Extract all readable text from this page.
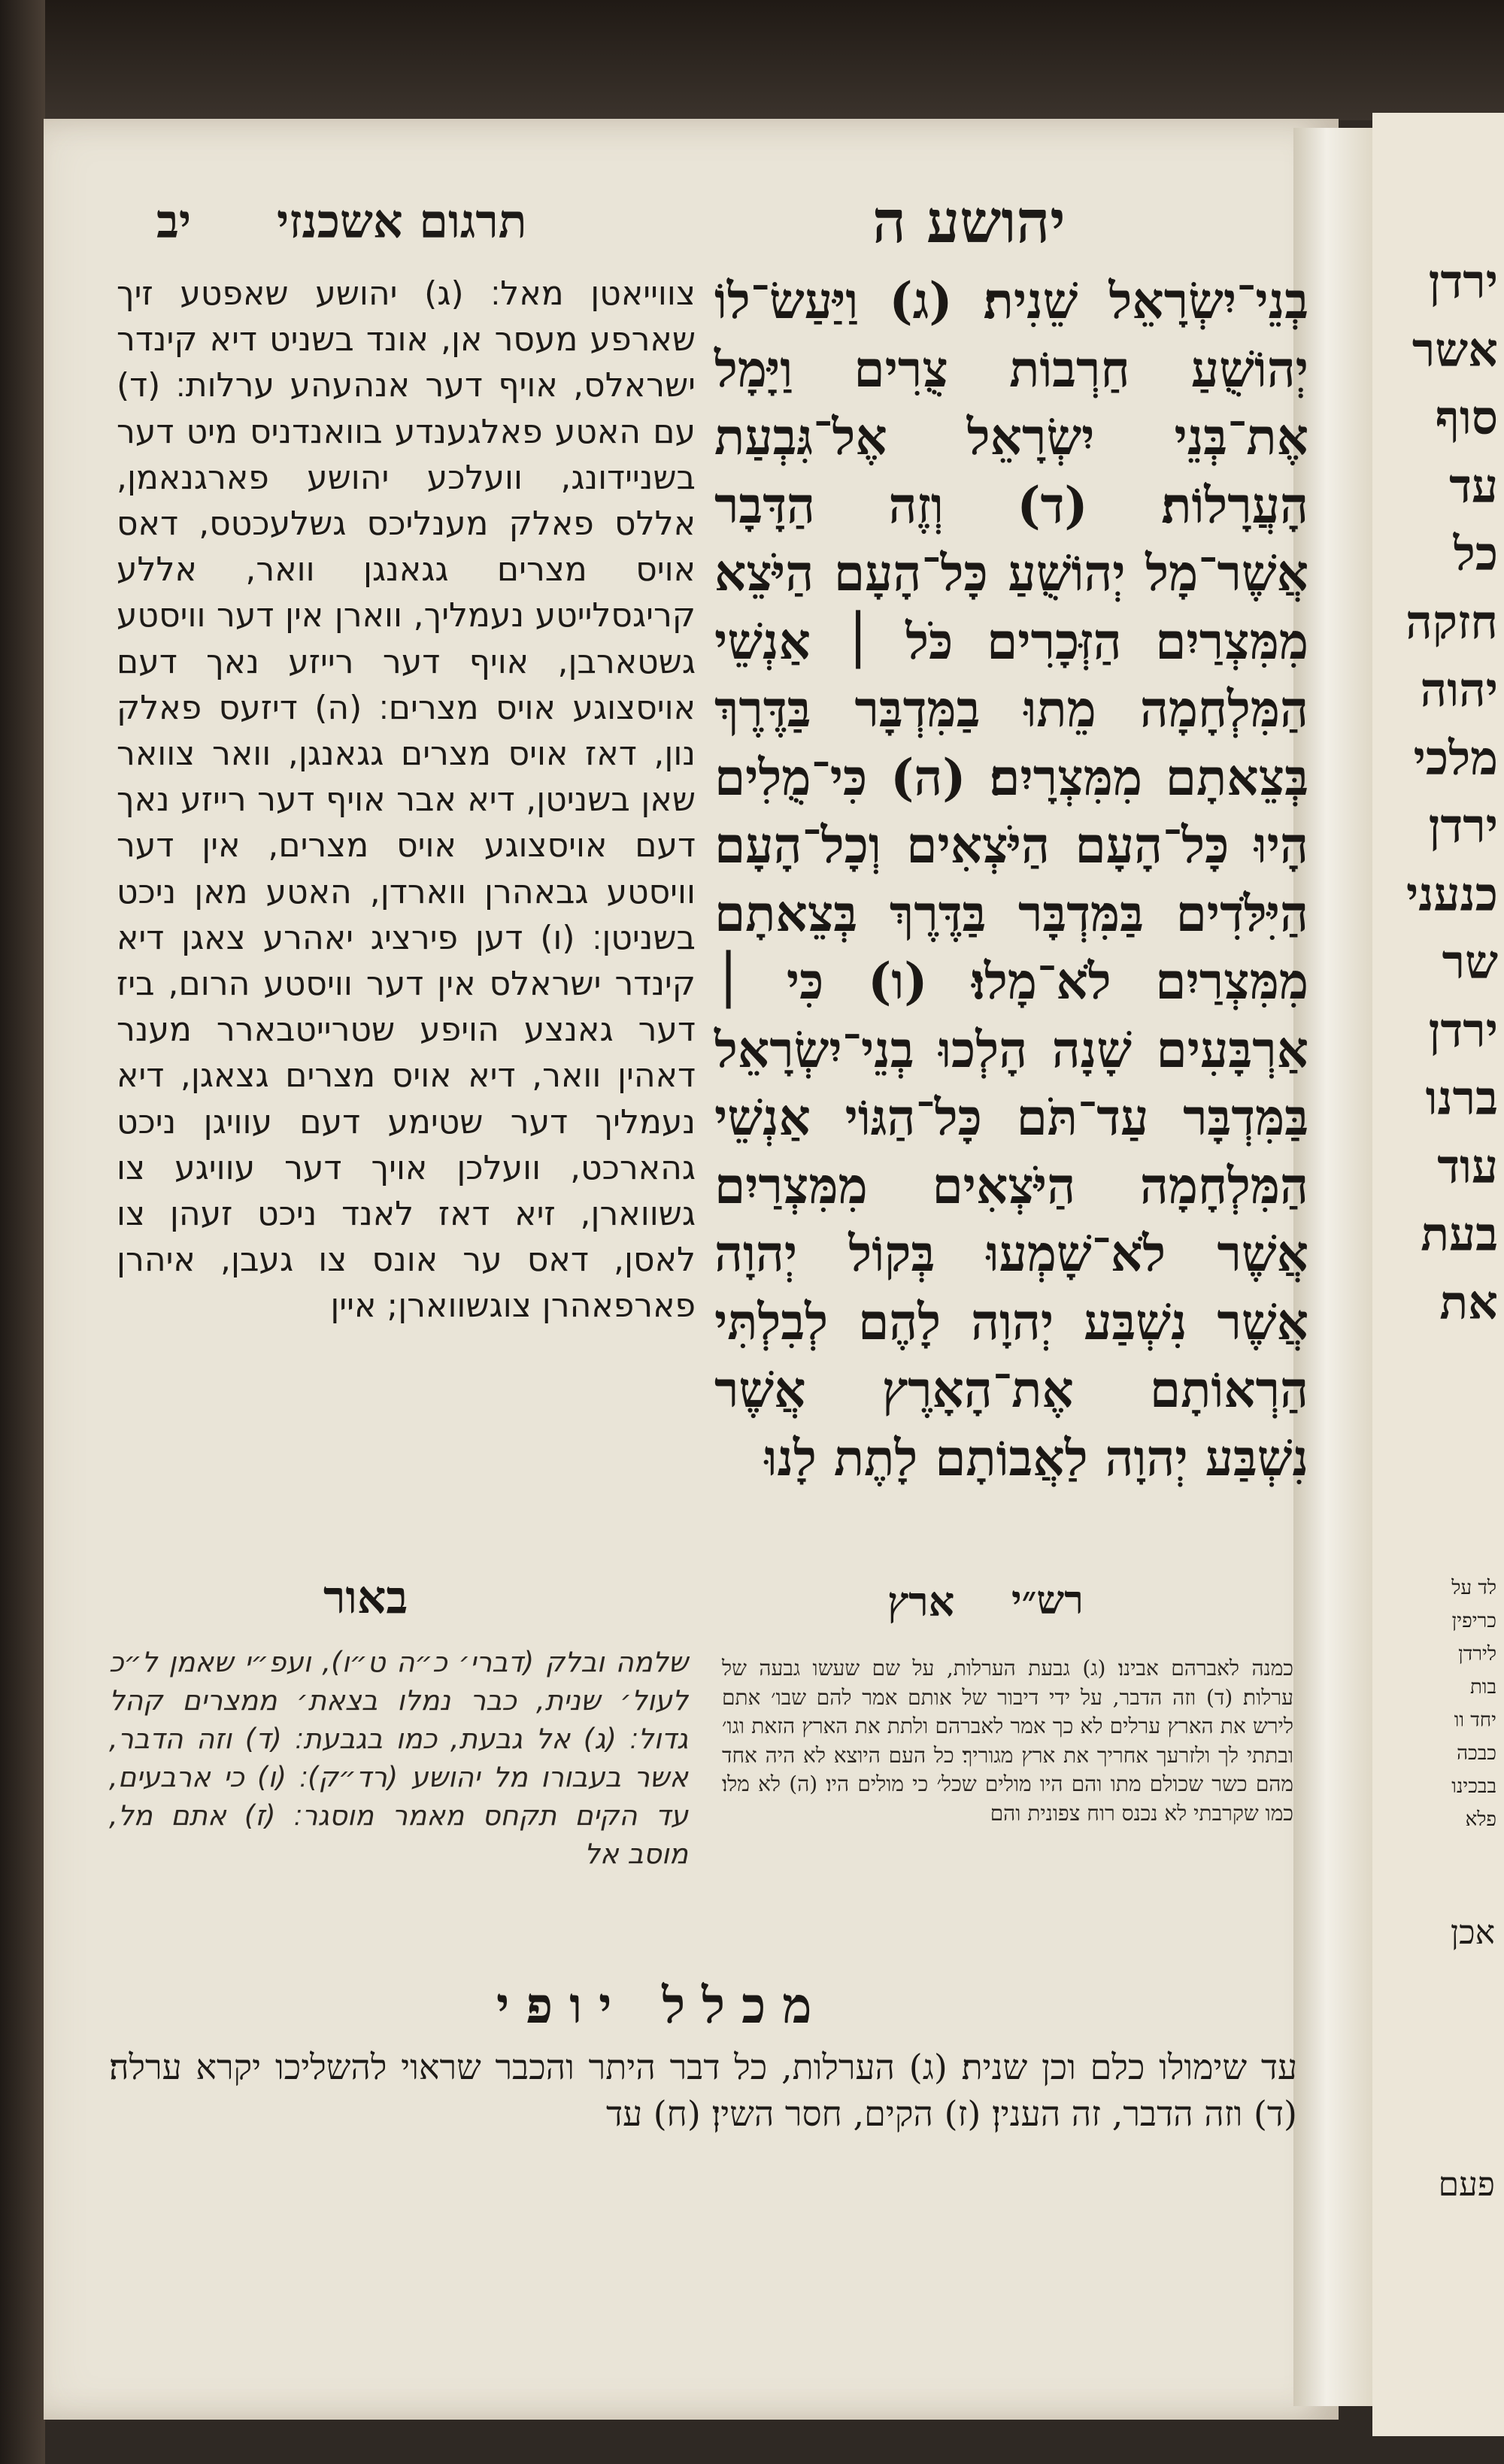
יהושע ה
תרגום אשכנזי
יב

בְנֵי־יִשְׂרָאֵל שֵׁנִית׃ (ג) וַיַּעַשׂ־לוֹ יְהוֹשֻׁעַ חַרְבוֹת צֻרִים וַיָּמָל אֶת־בְּנֵי יִשְׂרָאֵל אֶל־גִּבְעַת הָעֲרָלוֹת׃ (ד) וְזֶה הַדָּבָר אֲשֶׁר־מָל יְהוֹשֻׁעַ כָּל־הָעָם הַיֹּצֵא מִמִּצְרַיִם הַזְּכָרִים כֹּל ׀ אַנְשֵׁי הַמִּלְחָמָה מֵתוּ בַמִּדְבָּר בַּדֶּרֶךְ בְּצֵאתָם מִמִּצְרָיִם׃ (ה) כִּי־מֻלִים הָיוּ כָּל־הָעָם הַיֹּצְאִים וְכָל־הָעָם הַיִּלֹּדִים בַּמִּדְבָּר בַּדֶּרֶךְ בְּצֵאתָם מִמִּצְרַיִם לֹא־מָלוּ׃ (ו) כִּי ׀ אַרְבָּעִים שָׁנָה הָלְכוּ בְנֵי־יִשְׂרָאֵל בַּמִּדְבָּר עַד־תֹּם כָּל־הַגּוֹי אַנְשֵׁי הַמִּלְחָמָה הַיֹּצְאִים מִמִּצְרַיִם אֲשֶׁר לֹא־שָׁמְעוּ בְּקוֹל יְהוָה אֲשֶׁר נִשְׁבַּע יְהוָה לָהֶם לְבִלְתִּי הַרְאוֹתָם אֶת־הָאָרֶץ אֲשֶׁר נִשְׁבַּע יְהוָה לַאֲבוֹתָם לָתֶת לָנוּ

ארץ

צווייאטן מאל׃ (ג) יהושע שאפטע זיך שארפע מעסר אן, אונד בשניט דיא קינדר ישראלס, אויף דער אנהעהע ערלות׃ (ד) עם האטע פאלגענדע בוואנדניס מיט דער בשניידונג, וועלכע יהושע פארגנאמן, אללס פאלק מענליכס גשלעכטס, דאס אויס מצרים גגאנגן וואר, אללע קריגסלייטע נעמליך, ווארן אין דער וויסטע גשטארבן, אויף דער רייזע נאך דעם אויסצוגע אויס מצרים׃ (ה) דיזעס פאלק נון, דאז אויס מצרים גגאנגן, וואר צוואר שאן בשניטן, דיא אבר אויף דער רייזע נאך דעם אויסצוגע אויס מצרים, אין דער וויסטע גבאהרן ווארדן, האטע מאן ניכט בשניטן׃ (ו) דען פירציג יאהרע צאגן דיא קינדר ישראלס אין דער וויסטע הרום, ביז דער גאנצע הויפע שטרייטבארר מענר דאהין וואר, דיא אויס מצרים גצאגן, דיא נעמליך דער שטימע דעם עוויגן ניכט גהארכט, וועלכן אויך דער עוויגע צו גשווארן, זיא דאז לאנד ניכט זעהן צו לאסן, דאס ער אונס צו געבן, איהרן פארפאהרן צוגשווארן; איין

רש״י

כמנה לאברהם אבינו׃ (ג) גבעת הערלות, על שם שעשו גבעה של ערלות׃ (ד) וזה הדבר, על ידי דיבור של אותם אמר להם שבו׳ אתם לירש את הארץ ערלים לא כך אמר לאברהם ולתת את הארץ הזאת וגו׳ ובתתי לך ולזרעך אחריך את ארץ מגוריך׃ כל העם היוצא לא היה אחד מהם כשר שכולם מתו והם היו מולים שכל׳ כי מולים היו׃ (ה) לא מלו׃ כמו שקרבתי לא נכנס רוח צפונית והם

באור

שלמה ובלק (דברי׳ כ״ה ט״ו), ועפ״י שאמן ל״כ לעול׳ שנית, כבר נמלו בצאת׳ ממצרים קהל גדול׃ (ג) אל גבעת, כמו בגבעת׃ (ד) וזה הדבר, אשר בעבורו מל יהושע (רד״ק)׃ (ו) כי ארבעים, עד הקים תקחס מאמר מוסגר׃ (ז) אתם מל, מוסב אל

מכלל יופי

עד שימולו כלם וכן שנית׃ (ג) הערלות, כל דבר היתר והכבר שראוי להשליכו יקרא ערלה׃ (ד) וזה הדבר, זה הענין׃ (ז) הקים, חסר השין׃ (ח) עד

ירדן
אשר
סוף
עד
כל
חזקה
יהוה
מלכי
ירדן
כנעני
שר
ירדן
ברנו
עוד
בעת
את
לד על
כריפין
לירדן
בות
יחד וו
כבכה
בבכינו
פלא
אכן
פעם
